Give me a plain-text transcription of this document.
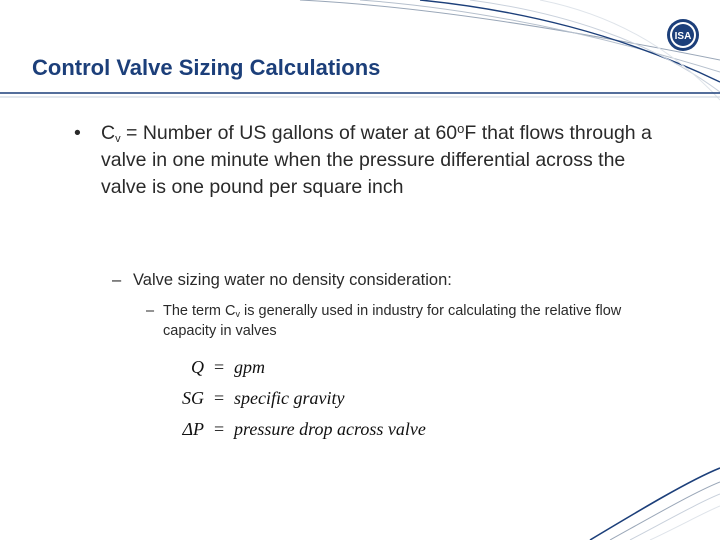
ISA
Control Valve Sizing Calculations
• $C_v$ = Number of US gallons of water at 60$^o$F that flows through a valve in one minute when the pressure differential across the valve is one pound per square inch
– Valve sizing water no density consideration:
– The term $C_v$ is generally used in industry for calculating the relative flow capacity in valves
Q = gpm
SG = specific gravity
ΔP = pressure drop across valve
